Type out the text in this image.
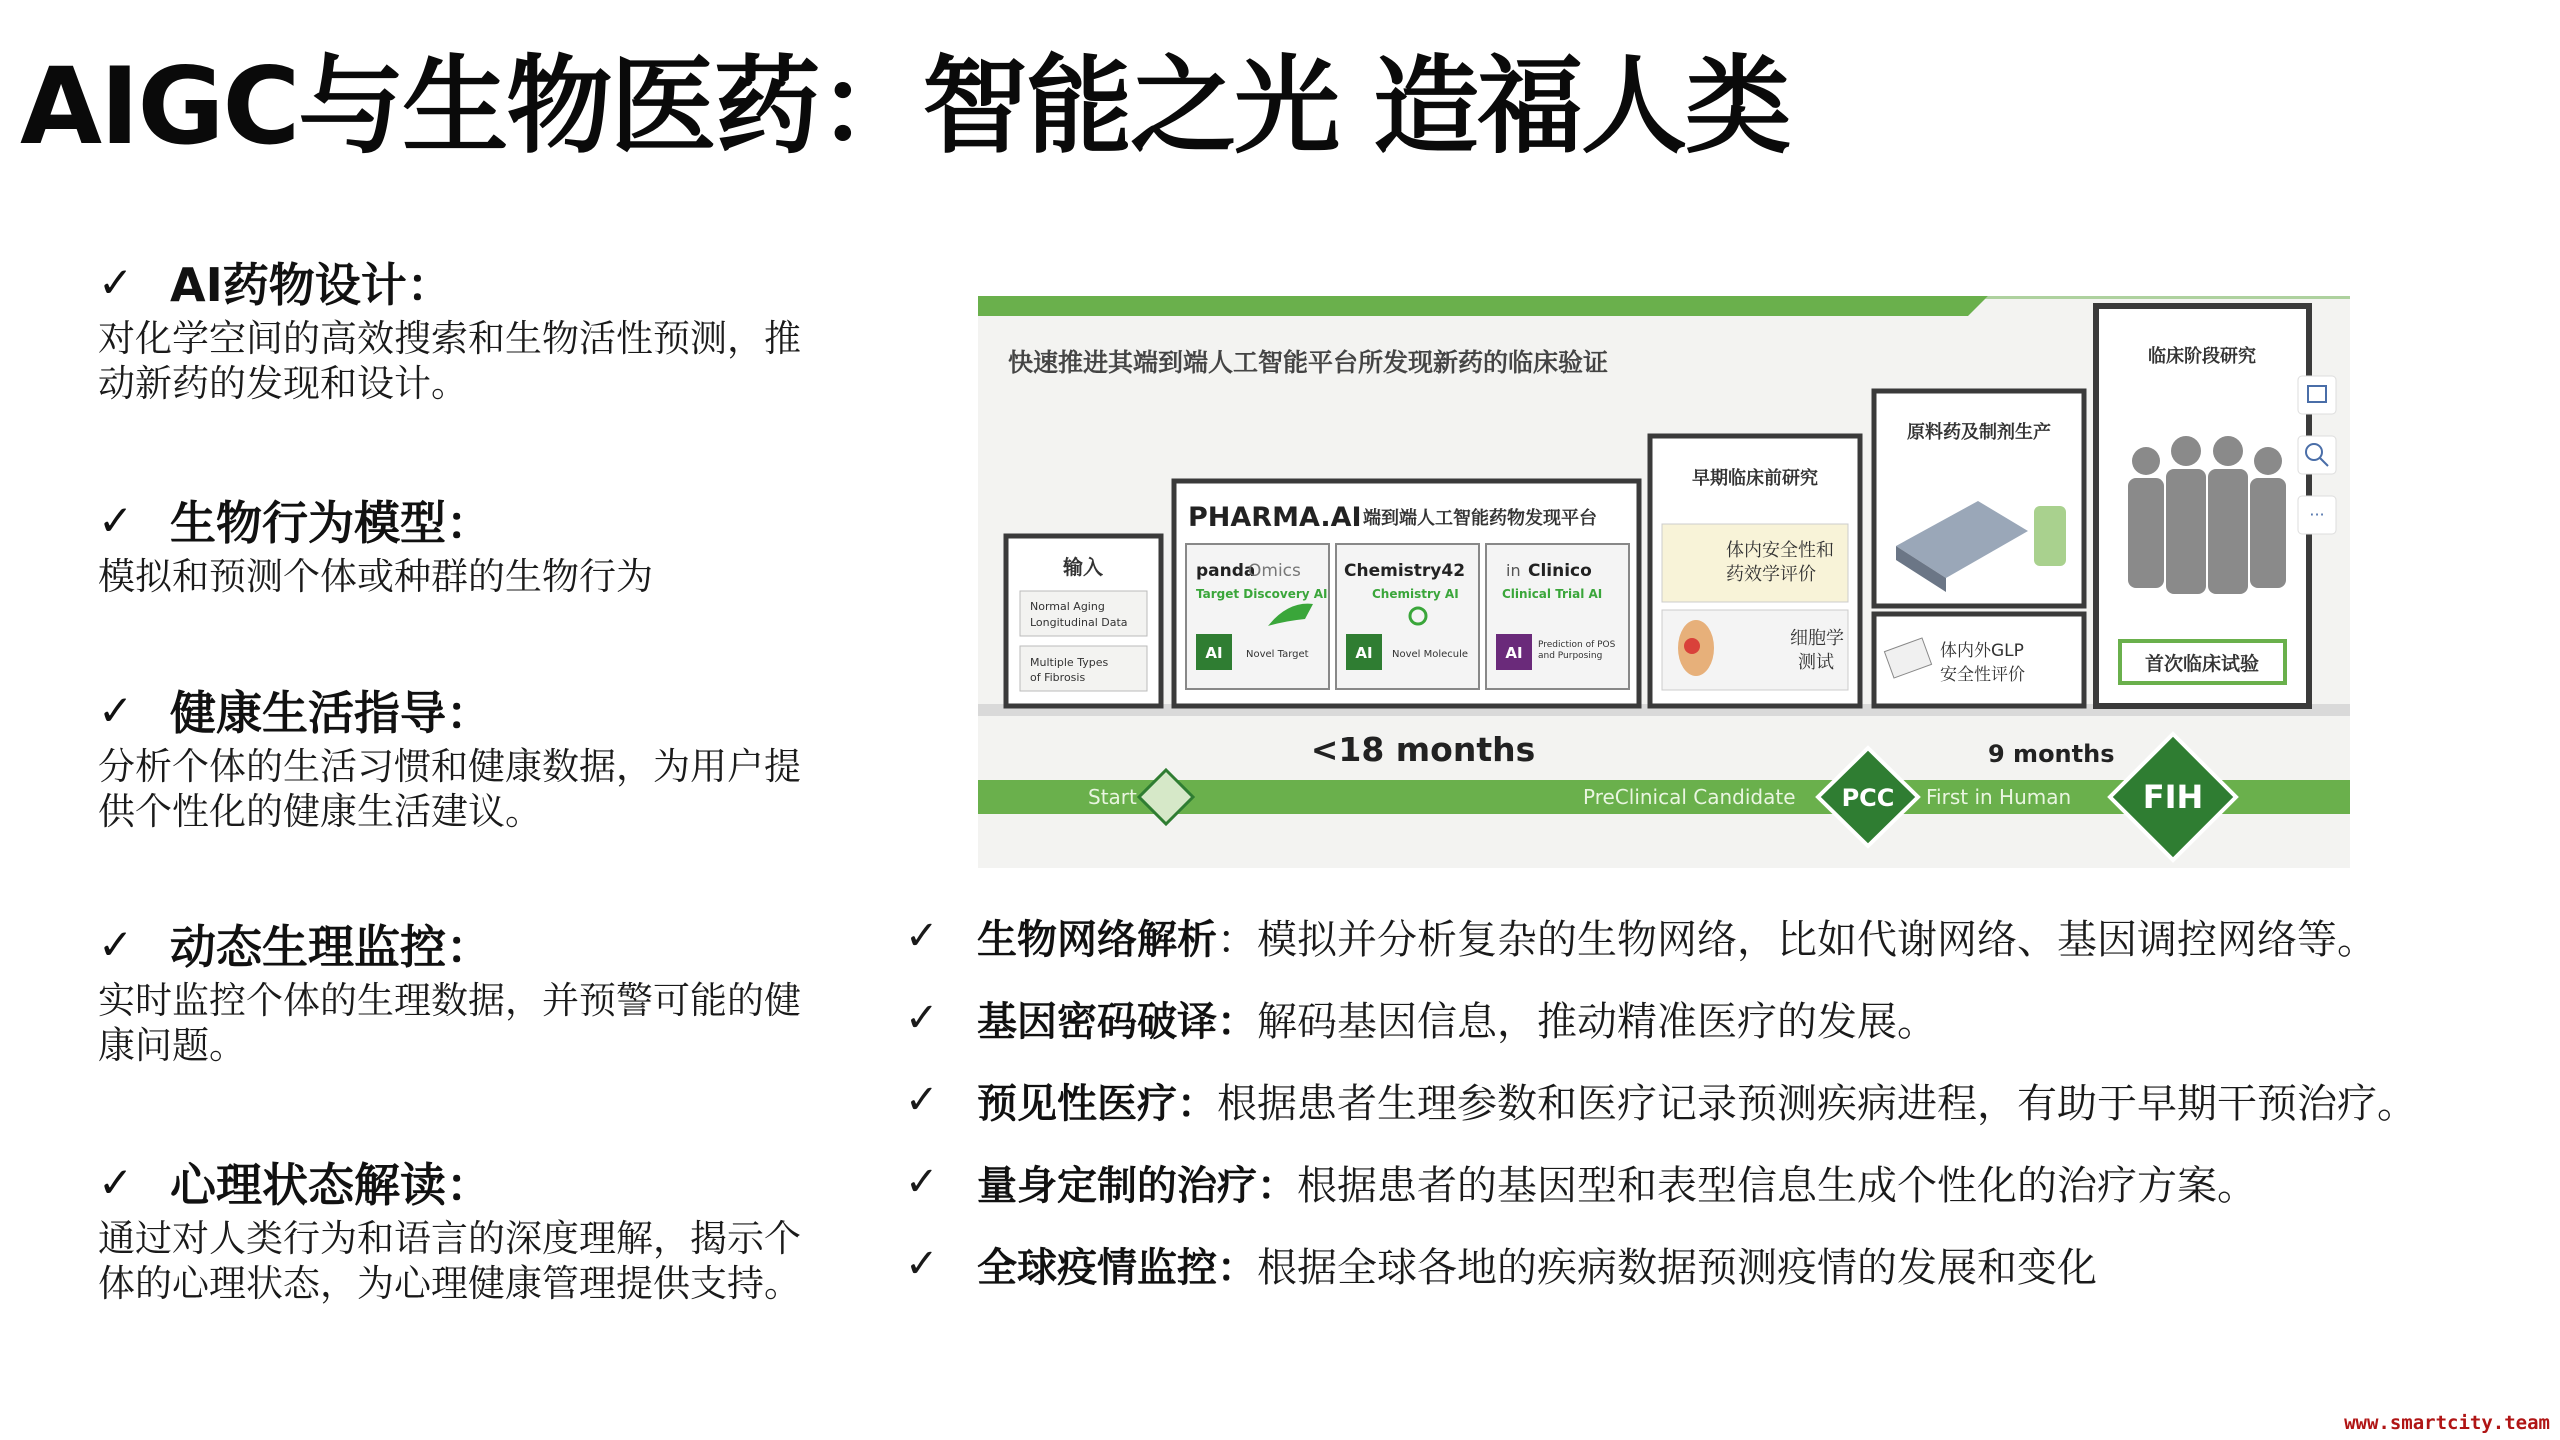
AIGC与生物医药：智能之光 造福人类
✓ AI药物设计：
对化学空间的高效搜索和生物活性预测，推动新药的发现和设计。
✓ 生物行为模型：
模拟和预测个体或种群的生物行为
✓ 健康生活指导：
分析个体的生活习惯和健康数据，为用户提供个性化的健康生活建议。
✓ 动态生理监控：
实时监控个体的生理数据，并预警可能的健康问题。
✓ 心理状态解读：
通过对人类行为和语言的深度理解，揭示个体的心理状态，为心理健康管理提供支持。
快速推进其端到端人工智能平台所发现新药的临床验证
输入
Normal Aging
Longitudinal Data
Multiple Types
of Fibrosis
PHARMA.AI 端到端人工智能药物发现平台
panda
Omics
Target Discovery AI
AI Novel Target
Chemistry42
Chemistry AI
AI Novel Molecule
in Clinico
Clinical Trial AI
AI Prediction of POS
and Purposing
早期临床前研究
体内安全性和
药效学评价
细胞学
测试
原料药及制剂生产
体内外GLP
安全性评价
临床阶段研究
首次临床试验
···
Start
<18 months
PreClinical Candidate PCC
9 months
First in Human FIH
✓ 生物网络解析 ： 模拟并分析复杂的生物网络，比如代谢网络、基因调控网络等。
✓ 基因密码破译 ： 解码基因信息，推动精准医疗的发展。
✓ 预见性医疗 ： 根据患者生理参数和医疗记录预测疾病进程，有助于早期干预治疗。
✓ 量身定制的治疗 ： 根据患者的基因型和表型信息生成个性化的治疗方案。
✓ 全球疫情监控 ： 根据全球各地的疾病数据预测疫情的发展和变化
www.smartcity.team
